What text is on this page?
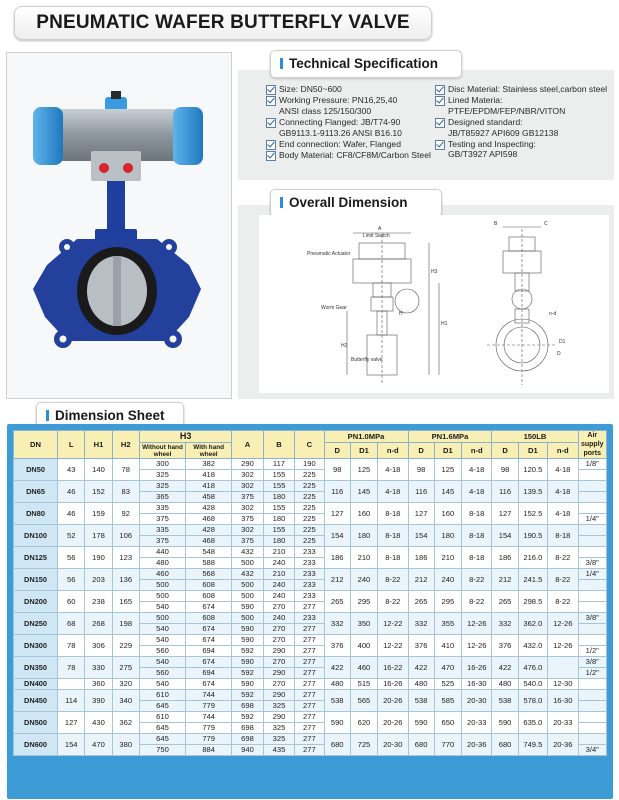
PNEUMATIC WAFER BUTTERFLY VALVE
Technical Specification
Size: DN50~600
Working Pressure: PN16,25,40
ANSI class 125/150/300
Connecting Flanged: JB/T74-90
GB9113.1-9113.26 ANSI B16.10
End connection: Wafer, Flanged
Body Material: CF8/CF8M/Carbon Steel
Disc Material: Stainless steel,carbon steel
Lined Materia:
PTFE/EPDM/FEP/NBR/VITON
Designed standard:
JB/T85927 API609 GB12138
Testing and Inspecting:
GB/T3927 API598
Overall Dimension
A
Limit Switch
Pneumatic Actuator
Worm Gear
Butterfly valve
H3
H1
H2
H
B	C
D1
D
n-d
Dimension Sheet
DN	L	H1	H2	H3		A	B	C	PN1.0MPa			PN1.6MPa			150LB			Air supply ports
				Without hand wheel	With hand wheel				D	D1	n-d	D	D1	n-d	D	D1	n-d	

DN50	43	140	78	300	382	290	117	190	98	125	4-18	98	125	4-18	98	120.5	4-18	1/8"
				325	418	302	155	225										
DN65	46	152	83	325	418	302	155	225	116	145	4-18	116	145	4-18	116	139.5	4-18	
				365	458	375	180	225										
DN80	46	159	92	335	428	302	155	225	127	160	8-18	127	160	8-18	127	152.5	4-18	
				375	468	375	180	225										1/4"
DN100	52	178	106	335	428	302	155	225	154	180	8-18	154	180	8-18	154	190.5	8-18	
				375	468	375	180	225										
DN125	56	190	123	440	548	432	210	233	186	210	8-18	186	210	8-18	186	216.0	8-22	
				480	588	500	240	233										3/8"
DN150	56	203	136	460	568	432	210	233	212	240	8-22	212	240	8-22	212	241.5	8-22	1/4"
				500	608	500	240	233										
DN200	60	238	165	500	608	500	240	233	265	295	8-22	265	295	8-22	265	298.5	8-22	
				540	674	590	270	277										
DN250	68	268	198	500	608	500	240	233	332	350	12-22	332	355	12-26	332	362.0	12-26	3/8"
				540	674	590	270	277										
DN300	78	306	229	540	674	590	270	277	376	400	12-22	376	410	12-26	376	432.0	12-26	
				560	694	592	290	277										1/2"
DN350	78	330	275	540	674	590	270	277	422	460	16-22	422	470	16-26	422	476.0		3/8"
				560	694	592	290	277										1/2"
DN400		360	320	540	674	590	270	277	480	515	16-26	480	525	16-30	480	540.0	12-30	
DN450	114	390	340	610	744	592	290	277	538	565	20-26	538	585	20-30	538	578.0	16-30	
				645	779	698	325	277										
DN500	127	430	362	610	744	592	290	277	590	620	20-26	590	650	20-33	590	635.0	20-33	
				645	779	698	325	277										
DN600	154	470	380	645	779	698	325	277	680	725	20-30	680	770	20-36	680	749.5	20-36	
				750	884	940	435	277										3/4"
